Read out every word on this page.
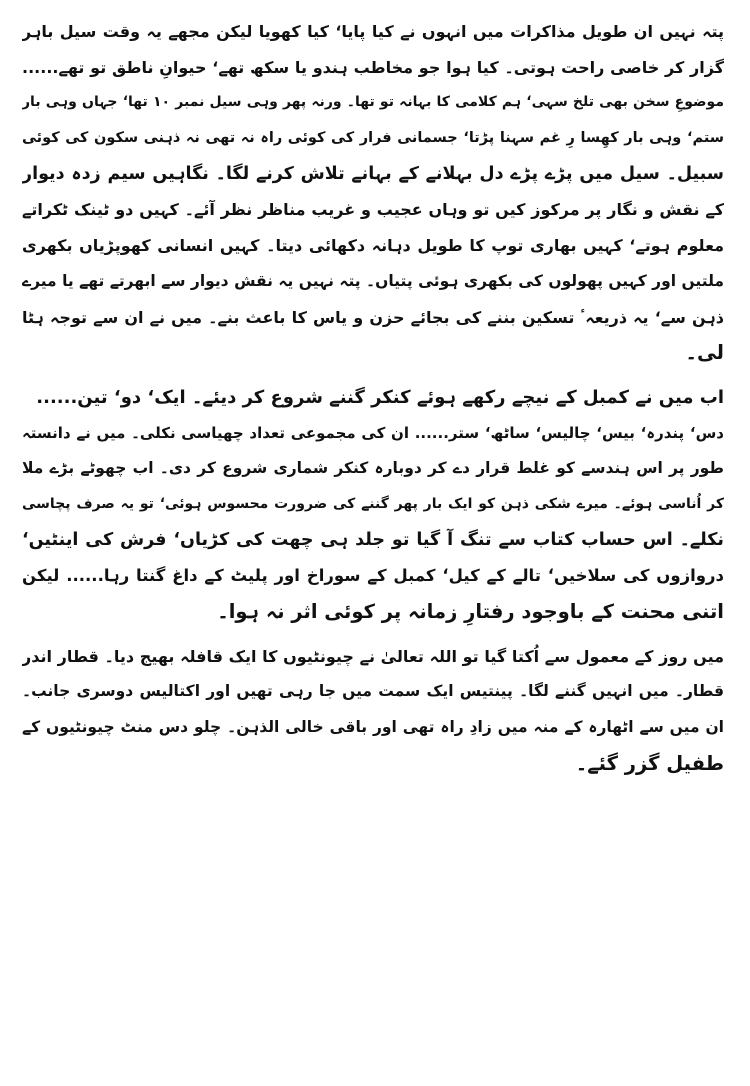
پتہ نہیں ان طویل مذاکرات میں انہوں نے کیا پایا‘ کیا کھویا لیکن مجھے یہ وقت سیل باہر
گزار کر خاصی راحت ہوتی۔ کیا ہوا جو مخاطب ہندو یا سکھ تھے‘ حیوانِ ناطق تو تھے......
موضوعِ سخن بھی تلخ سہی‘ ہم کلامی کا بہانہ تو تھا۔ ورنہ پھر وہی سیل نمبر ۱۰ تھا‘ جہاں وہی بار
ستم‘ وہی بار کھِسا رِ غم سہنا پڑتا‘ جسمانی فرار کی کوئی راہ نہ تھی نہ ذہنی سکون کی کوئی
سبیل۔ سیل میں پڑے پڑے دل بہلانے کے بہانے تلاش کرنے لگا۔ نگاہیں سیم زدہ دیوار
کے نقش و نگار پر مرکوز کیں تو وہاں عجیب و غریب مناظر نظر آئے۔ کہیں دو ٹینک ٹکراتے
معلوم ہوتے‘ کہیں بھاری توپ کا طویل دہانہ دکھائی دیتا۔ کہیں انسانی کھوپڑیاں بکھری
ملتیں اور کہیں پھولوں کی بکھری ہوئی پتیاں۔ پتہ نہیں یہ نقش دیوار سے ابھرتے تھے یا میرے
ذہن سے‘ یہ ذریعہٴ تسکین بننے کی بجائے حزن و یاس کا باعث بنے۔ میں نے ان سے توجہ ہٹا
لی۔
اب میں نے کمبل کے نیچے رکھے ہوئے کنکر گننے شروع کر دیئے۔ ایک‘ دو‘ تین......
دس‘ پندرہ‘ بیس‘ چالیس‘ ساٹھ‘ ستر...... ان کی مجموعی تعداد چھیاسی نکلی۔ میں نے دانستہ
طور پر اس ہندسے کو غلط قرار دے کر دوبارہ کنکر شماری شروع کر دی۔ اب چھوٹے بڑے ملا
کر اُناسی ہوئے۔ میرے شکی ذہن کو ایک بار پھر گننے کی ضرورت محسوس ہوئی‘ تو یہ صرف پچاسی
نکلے۔ اس حساب کتاب سے تنگ آ گیا تو جلد ہی چھت کی کڑیاں‘ فرش کی اینٹیں‘
دروازوں کی سلاخیں‘ تالے کے کیل‘ کمبل کے سوراخ اور پلیٹ کے داغ گنتا رہا...... لیکن
اتنی محنت کے باوجود رفتارِ زمانہ پر کوئی اثر نہ ہوا۔
میں روز کے معمول سے اُکتا گیا تو اللہ تعالیٰ نے چیونٹیوں کا ایک قافلہ بھیج دیا۔ قطار اندر
قطار۔ میں انہیں گننے لگا۔ پینتیس ایک سمت میں جا رہی تھیں اور اکتالیس دوسری جانب۔
ان میں سے اٹھارہ کے منہ میں زادِ راہ تھی اور باقی خالی الذہن۔ چلو دس منٹ چیونٹیوں کے
طفیل گزر گئے۔
